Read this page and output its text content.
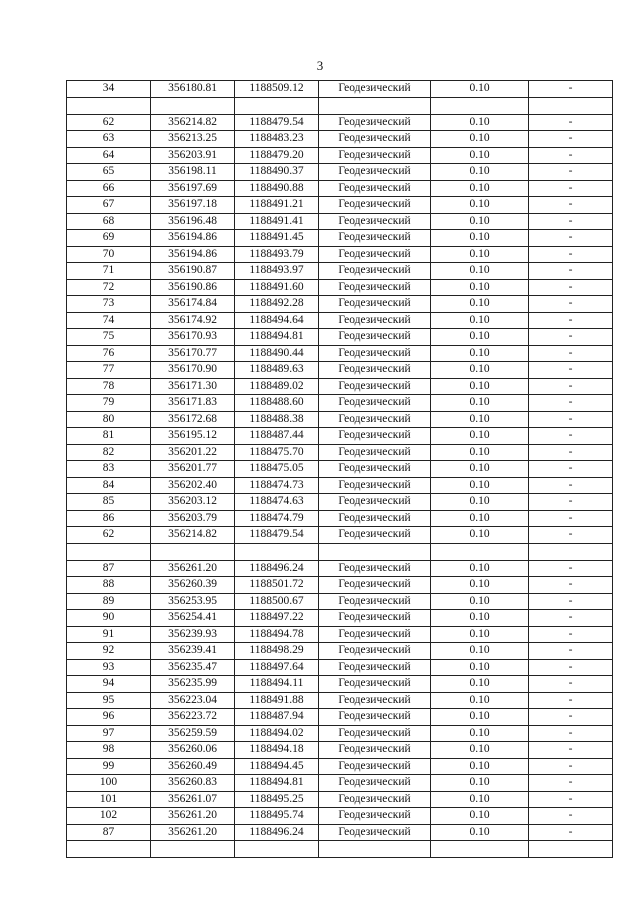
3
34	356180.81	1188509.12	Геодезический	0.10	-

62	356214.82	1188479.54	Геодезический	0.10	-
63	356213.25	1188483.23	Геодезический	0.10	-
64	356203.91	1188479.20	Геодезический	0.10	-
65	356198.11	1188490.37	Геодезический	0.10	-
66	356197.69	1188490.88	Геодезический	0.10	-
67	356197.18	1188491.21	Геодезический	0.10	-
68	356196.48	1188491.41	Геодезический	0.10	-
69	356194.86	1188491.45	Геодезический	0.10	-
70	356194.86	1188493.79	Геодезический	0.10	-
71	356190.87	1188493.97	Геодезический	0.10	-
72	356190.86	1188491.60	Геодезический	0.10	-
73	356174.84	1188492.28	Геодезический	0.10	-
74	356174.92	1188494.64	Геодезический	0.10	-
75	356170.93	1188494.81	Геодезический	0.10	-
76	356170.77	1188490.44	Геодезический	0.10	-
77	356170.90	1188489.63	Геодезический	0.10	-
78	356171.30	1188489.02	Геодезический	0.10	-
79	356171.83	1188488.60	Геодезический	0.10	-
80	356172.68	1188488.38	Геодезический	0.10	-
81	356195.12	1188487.44	Геодезический	0.10	-
82	356201.22	1188475.70	Геодезический	0.10	-
83	356201.77	1188475.05	Геодезический	0.10	-
84	356202.40	1188474.73	Геодезический	0.10	-
85	356203.12	1188474.63	Геодезический	0.10	-
86	356203.79	1188474.79	Геодезический	0.10	-
62	356214.82	1188479.54	Геодезический	0.10	-

87	356261.20	1188496.24	Геодезический	0.10	-
88	356260.39	1188501.72	Геодезический	0.10	-
89	356253.95	1188500.67	Геодезический	0.10	-
90	356254.41	1188497.22	Геодезический	0.10	-
91	356239.93	1188494.78	Геодезический	0.10	-
92	356239.41	1188498.29	Геодезический	0.10	-
93	356235.47	1188497.64	Геодезический	0.10	-
94	356235.99	1188494.11	Геодезический	0.10	-
95	356223.04	1188491.88	Геодезический	0.10	-
96	356223.72	1188487.94	Геодезический	0.10	-
97	356259.59	1188494.02	Геодезический	0.10	-
98	356260.06	1188494.18	Геодезический	0.10	-
99	356260.49	1188494.45	Геодезический	0.10	-
100	356260.83	1188494.81	Геодезический	0.10	-
101	356261.07	1188495.25	Геодезический	0.10	-
102	356261.20	1188495.74	Геодезический	0.10	-
87	356261.20	1188496.24	Геодезический	0.10	-
